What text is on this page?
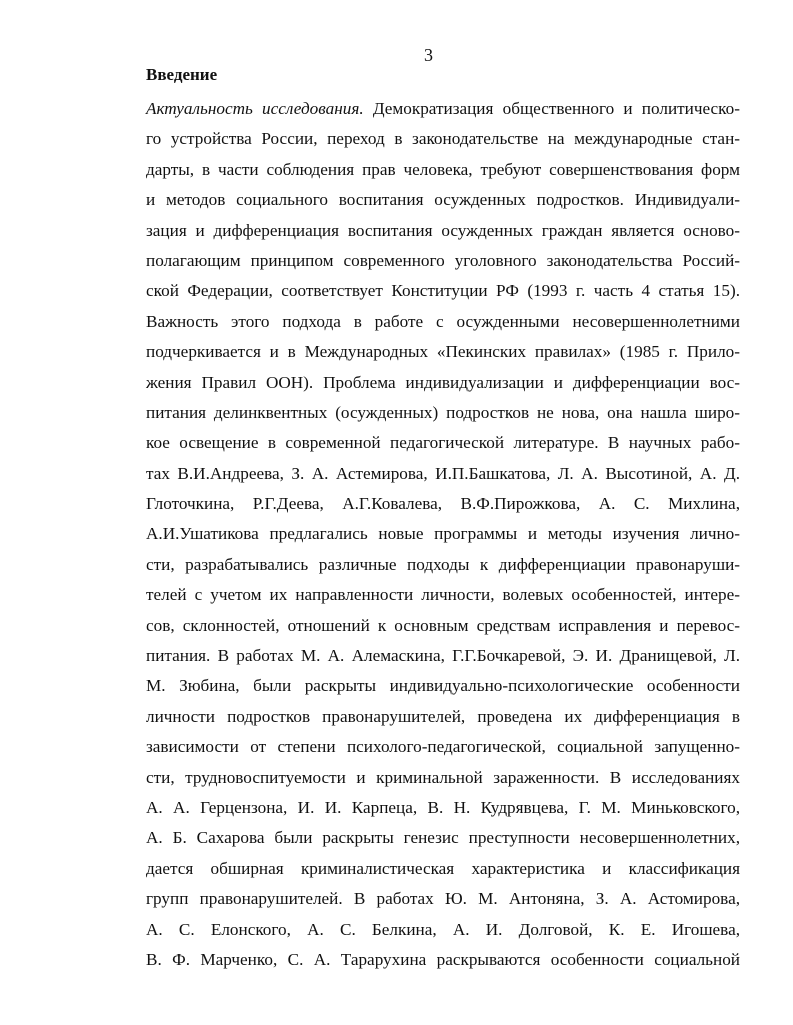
3
Введение
Актуальность исследования. Демократизация общественного и политическо-
го устройства России, переход в законодательстве на международные стан-
дарты, в части соблюдения прав человека, требуют совершенствования форм
и методов социального воспитания осужденных подростков. Индивидуали-
зация и дифференциация воспитания осужденных граждан является осново-
полагающим принципом современного уголовного законодательства Россий-
ской Федерации, соответствует Конституции РФ (1993 г. часть 4 статья 15).
Важность этого подхода в работе с осужденными несовершеннолетними
подчеркивается и в Международных «Пекинских правилах» (1985 г. Прило-
жения Правил ООН). Проблема индивидуализации и дифференциации вос-
питания делинквентных (осужденных) подростков не нова, она нашла широ-
кое освещение в современной педагогической литературе. В научных рабо-
тах В.И.Андреева, З. А. Астемирова, И.П.Башкатова, Л. А. Высотиной, А. Д.
Глоточкина, Р.Г.Деева, А.Г.Ковалева, В.Ф.Пирожкова, А. С. Михлина,
А.И.Ушатикова предлагались новые программы и методы изучения лично-
сти, разрабатывались различные подходы к дифференциации правонаруши-
телей с учетом их направленности личности, волевых особенностей, интере-
сов, склонностей, отношений к основным средствам исправления и перевос-
питания. В работах М. А. Алемаскина, Г.Г.Бочкаревой, Э. И. Дранищевой, Л.
М. Зюбина, были раскрыты индивидуально-психологические особенности
личности подростков правонарушителей, проведена их дифференциация в
зависимости от степени психолого-педагогической, социальной запущенно-
сти, трудновоспитуемости и криминальной зараженности. В исследованиях
А. А. Герцензона, И. И. Карпеца, В. Н. Кудрявцева, Г. М. Миньковского,
А. Б. Сахарова были раскрыты генезис преступности несовершеннолетних,
дается обширная криминалистическая характеристика и классификация
групп правонарушителей. В работах Ю. М. Антоняна, З. А. Астомирова,
А. С. Елонского, А. С. Белкина, А. И. Долговой, К. Е. Игошева,
В. Ф. Марченко, С. А. Тарарухина раскрываются особенности социальной
